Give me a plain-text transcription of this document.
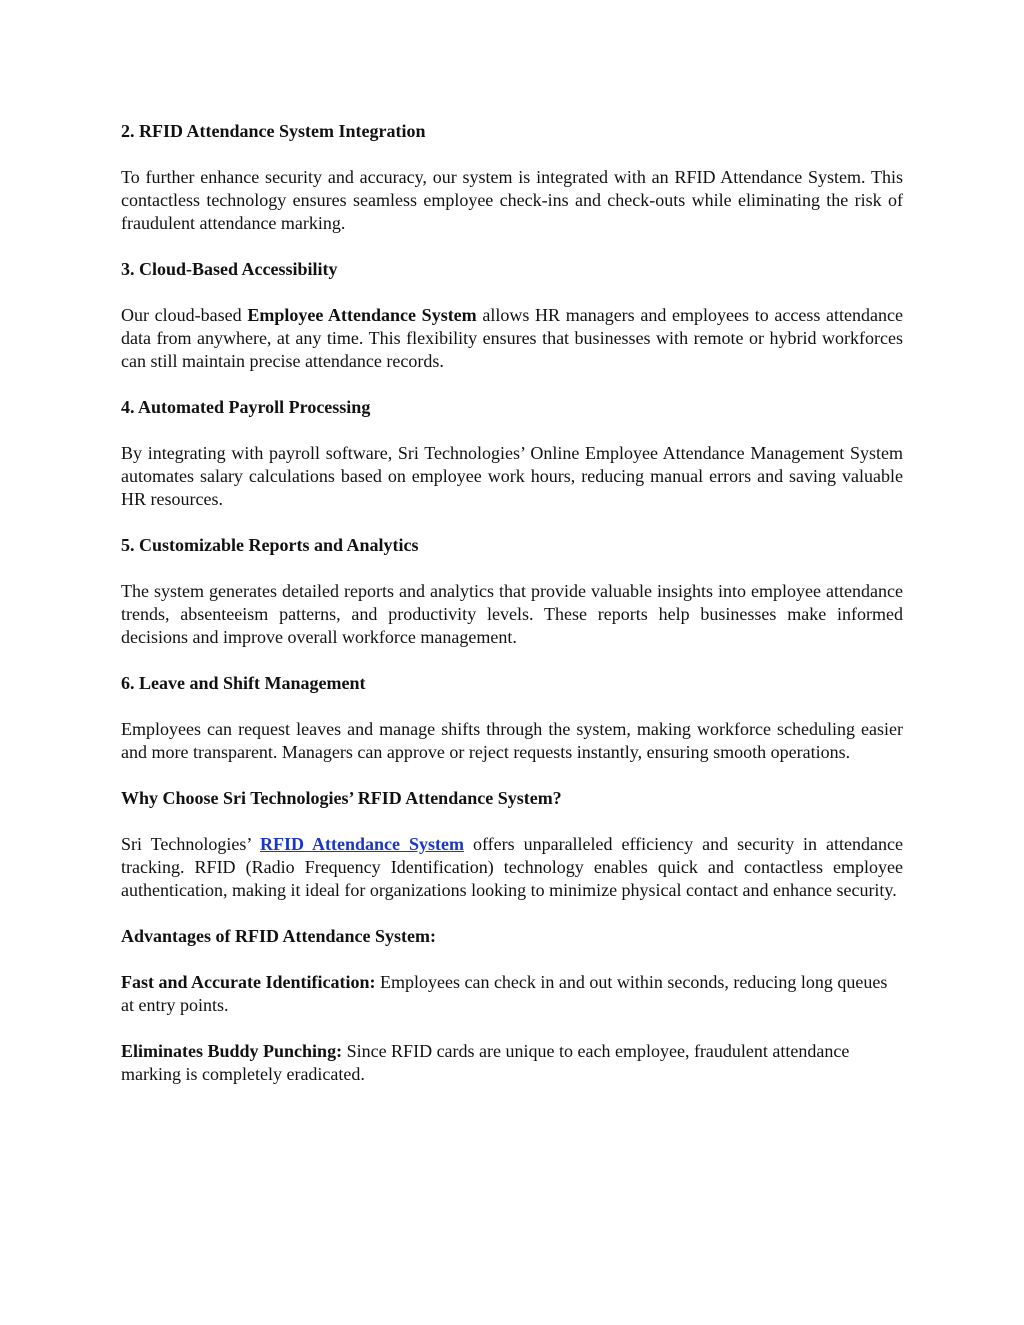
2. RFID Attendance System Integration
To further enhance security and accuracy, our system is integrated with an RFID Attendance System. This contactless technology ensures seamless employee check-ins and check-outs while eliminating the risk of fraudulent attendance marking.
3. Cloud-Based Accessibility
Our cloud-based Employee Attendance System allows HR managers and employees to access attendance data from anywhere, at any time. This flexibility ensures that businesses with remote or hybrid workforces can still maintain precise attendance records.
4. Automated Payroll Processing
By integrating with payroll software, Sri Technologies’ Online Employee Attendance Management System automates salary calculations based on employee work hours, reducing manual errors and saving valuable HR resources.
5. Customizable Reports and Analytics
The system generates detailed reports and analytics that provide valuable insights into employee attendance trends, absenteeism patterns, and productivity levels. These reports help businesses make informed decisions and improve overall workforce management.
6. Leave and Shift Management
Employees can request leaves and manage shifts through the system, making workforce scheduling easier and more transparent. Managers can approve or reject requests instantly, ensuring smooth operations.
Why Choose Sri Technologies’ RFID Attendance System?
Sri Technologies’ RFID Attendance System offers unparalleled efficiency and security in attendance tracking. RFID (Radio Frequency Identification) technology enables quick and contactless employee authentication, making it ideal for organizations looking to minimize physical contact and enhance security.
Advantages of RFID Attendance System:
Fast and Accurate Identification: Employees can check in and out within seconds, reducing long queues at entry points.
Eliminates Buddy Punching: Since RFID cards are unique to each employee, fraudulent attendance marking is completely eradicated.
